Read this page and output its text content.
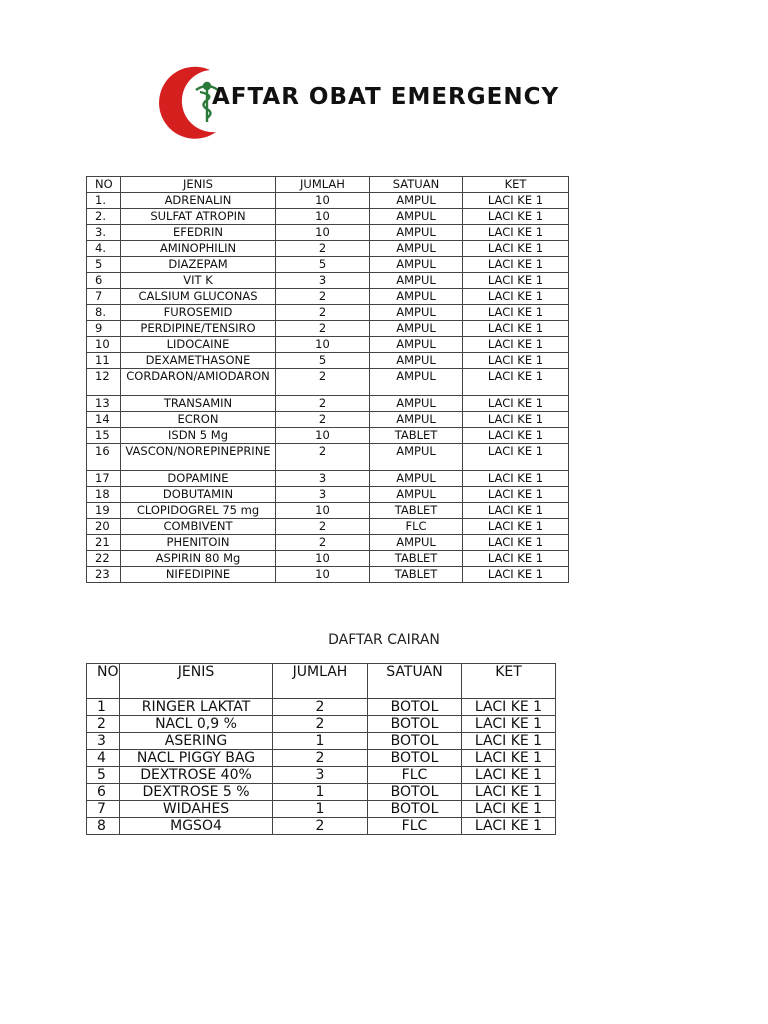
AFTAR OBAT EMERGENCY
NO	JENIS	JUMLAH	SATUAN	KET
1.	ADRENALIN	10	AMPUL	LACI KE 1
2.	SULFAT ATROPIN	10	AMPUL	LACI KE 1
3.	EFEDRIN	10	AMPUL	LACI KE 1
4.	AMINOPHILIN	2	AMPUL	LACI KE 1
5	DIAZEPAM	5	AMPUL	LACI KE 1
6	VIT K	3	AMPUL	LACI KE 1
7	CALSIUM GLUCONAS	2	AMPUL	LACI KE 1
8.	FUROSEMID	2	AMPUL	LACI KE 1
9	PERDIPINE/TENSIRO	2	AMPUL	LACI KE 1
10	LIDOCAINE	10	AMPUL	LACI KE 1
11	DEXAMETHASONE	5	AMPUL	LACI KE 1
12	CORDARON/AMIODARON	2	AMPUL	LACI KE 1
13	TRANSAMIN	2	AMPUL	LACI KE 1
14	ECRON	2	AMPUL	LACI KE 1
15	ISDN 5 Mg	10	TABLET	LACI KE 1
16	VASCON/NOREPINEPRINE	2	AMPUL	LACI KE 1
17	DOPAMINE	3	AMPUL	LACI KE 1
18	DOBUTAMIN	3	AMPUL	LACI KE 1
19	CLOPIDOGREL 75 mg	10	TABLET	LACI KE 1
20	COMBIVENT	2	FLC	LACI KE 1
21	PHENITOIN	2	AMPUL	LACI KE 1
22	ASPIRIN 80 Mg	10	TABLET	LACI KE 1
23	NIFEDIPINE	10	TABLET	LACI KE 1
DAFTAR CAIRAN
NO	JENIS	JUMLAH	SATUAN	KET
1	RINGER LAKTAT	2	BOTOL	LACI KE 1
2	NACL 0,9 %	2	BOTOL	LACI KE 1
3	ASERING	1	BOTOL	LACI KE 1
4	NACL PIGGY BAG	2	BOTOL	LACI KE 1
5	DEXTROSE 40%	3	FLC	LACI KE 1
6	DEXTROSE 5 %	1	BOTOL	LACI KE 1
7	WIDAHES	1	BOTOL	LACI KE 1
8	MGSO4	2	FLC	LACI KE 1
